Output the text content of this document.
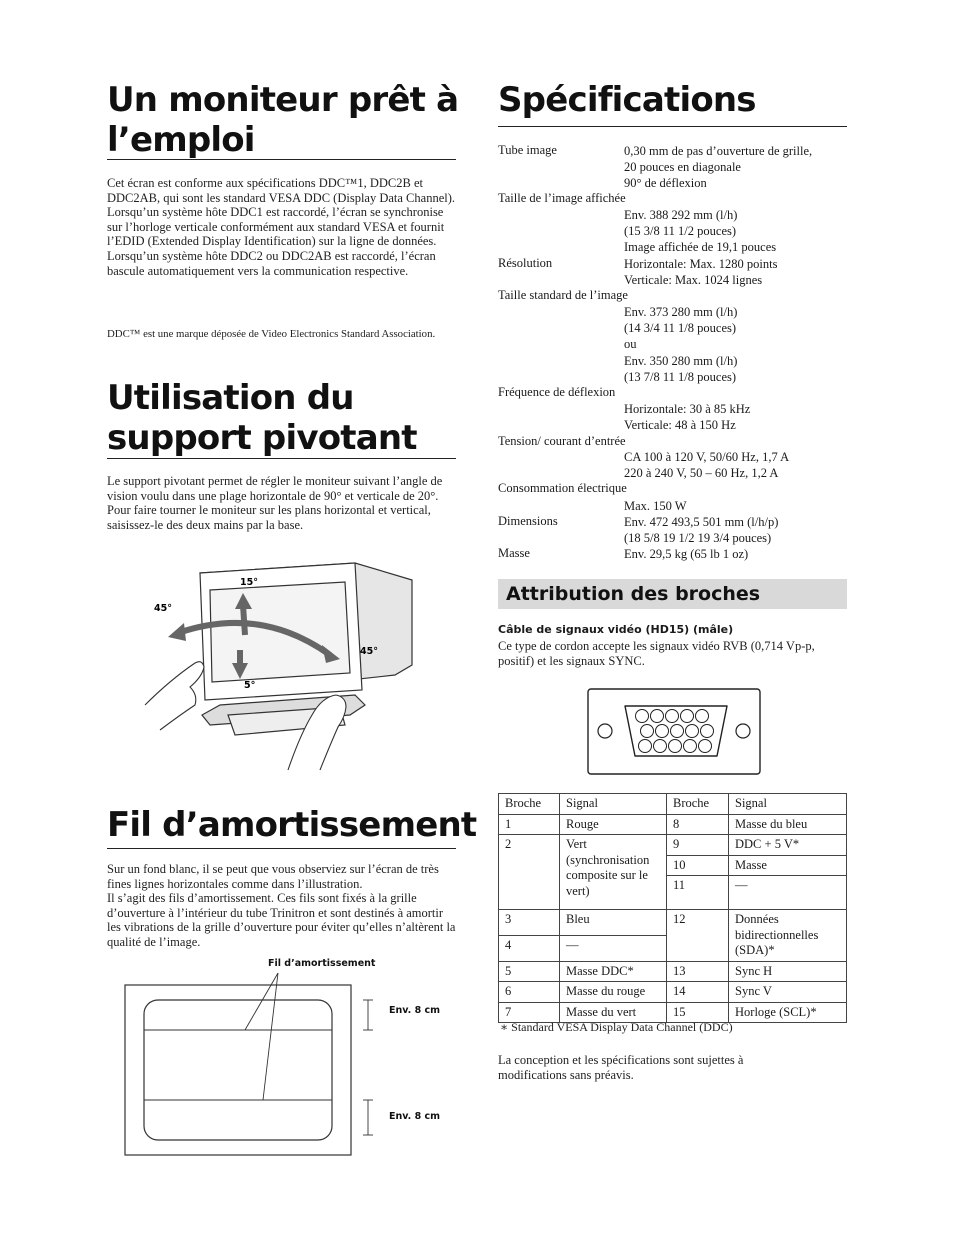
Un moniteur prêt à
l’emploi

Cet écran est conforme aux spécifications DDC™1, DDC2B et DDC2AB, qui sont les standard VESA DDC (Display Data Channel).

Lorsqu’un système hôte DDC1 est raccordé, l’écran se synchronise sur l’horloge verticale conformément aux standard VESA et fournit l’EDID (Extended Display Identification) sur la ligne de données.

Lorsqu’un système hôte DDC2 ou DDC2AB est raccordé, l’écran bascule automatiquement vers la communication respective.

DDC™ est une marque déposée de Video Electronics Standard Association.
Utilisation du
support pivotant

Le support pivotant permet de régler le moniteur suivant l’angle de vision voulu dans une plage horizontale de 90° et verticale de 20°.

Pour faire tourner le moniteur sur les plans horizontal et vertical, saisissez-le des deux mains par la base.

15°
5°
45°
45°
Fil d’amortissement

Sur un fond blanc, il se peut que vous observiez sur l’écran de très fines lignes horizontales comme dans l’illustration.

Il s’agit des fils d’amortissement. Ces fils sont fixés à la grille d’ouverture à l’intérieur du tube Trinitron et sont destinés à amortir les vibrations de la grille d’ouverture pour éviter qu’elles n’altèrent la qualité de l’image.

Fil d’amortissement
Env. 8 cm
Env. 8 cm
Spécifications
Tube image	0,30 mm de pas d’ouverture de grille,
20 pouces en diagonale
90° de déflexion
Taille de l’image affichée
Env. 388 292 mm (l/h)
(15 3/8 11 1/2 pouces)
Image affichée de 19,1 pouces
Résolution	Horizontale: Max. 1280 points
Verticale: Max. 1024 lignes
Taille standard de l’image
Env. 373 280 mm (l/h)
(14 3/4 11 1/8 pouces)
ou
Env. 350 280 mm (l/h)
(13 7/8 11 1/8 pouces)
Fréquence de déflexion
Horizontale: 30 à 85 kHz
Verticale: 48 à 150 Hz
Tension/ courant d’entrée
CA 100 à 120 V, 50/60 Hz, 1,7 A
220 à 240 V, 50 – 60 Hz, 1,2 A
Consommation électrique
Max. 150 W
Dimensions	Env. 472 493,5 501 mm (l/h/p)
(18 5/8 19 1/2 19 3/4 pouces)
Masse	Env. 29,5 kg (65 lb 1 oz)
Attribution des broches
Câble de signaux vidéo (HD15) (mâle)
Ce type de cordon accepte les signaux vidéo RVB (0,714 Vp-p, positif) et les signaux SYNC.
Broche	Signal	Broche	Signal
1	Rouge	8	Masse du bleu
2	Vert (synchronisation composite sur le vert)	9	DDC + 5 V*
		10	Masse
		11	—
3	Bleu	12	Données bidirectionnelles (SDA)*
4	—		
5	Masse DDC*	13	Sync H
6	Masse du rouge	14	Sync V
7	Masse du vert	15	Horloge (SCL)*
∗ Standard VESA Display Data Channel (DDC)
La conception et les spécifications sont sujettes à modifications sans préavis.
